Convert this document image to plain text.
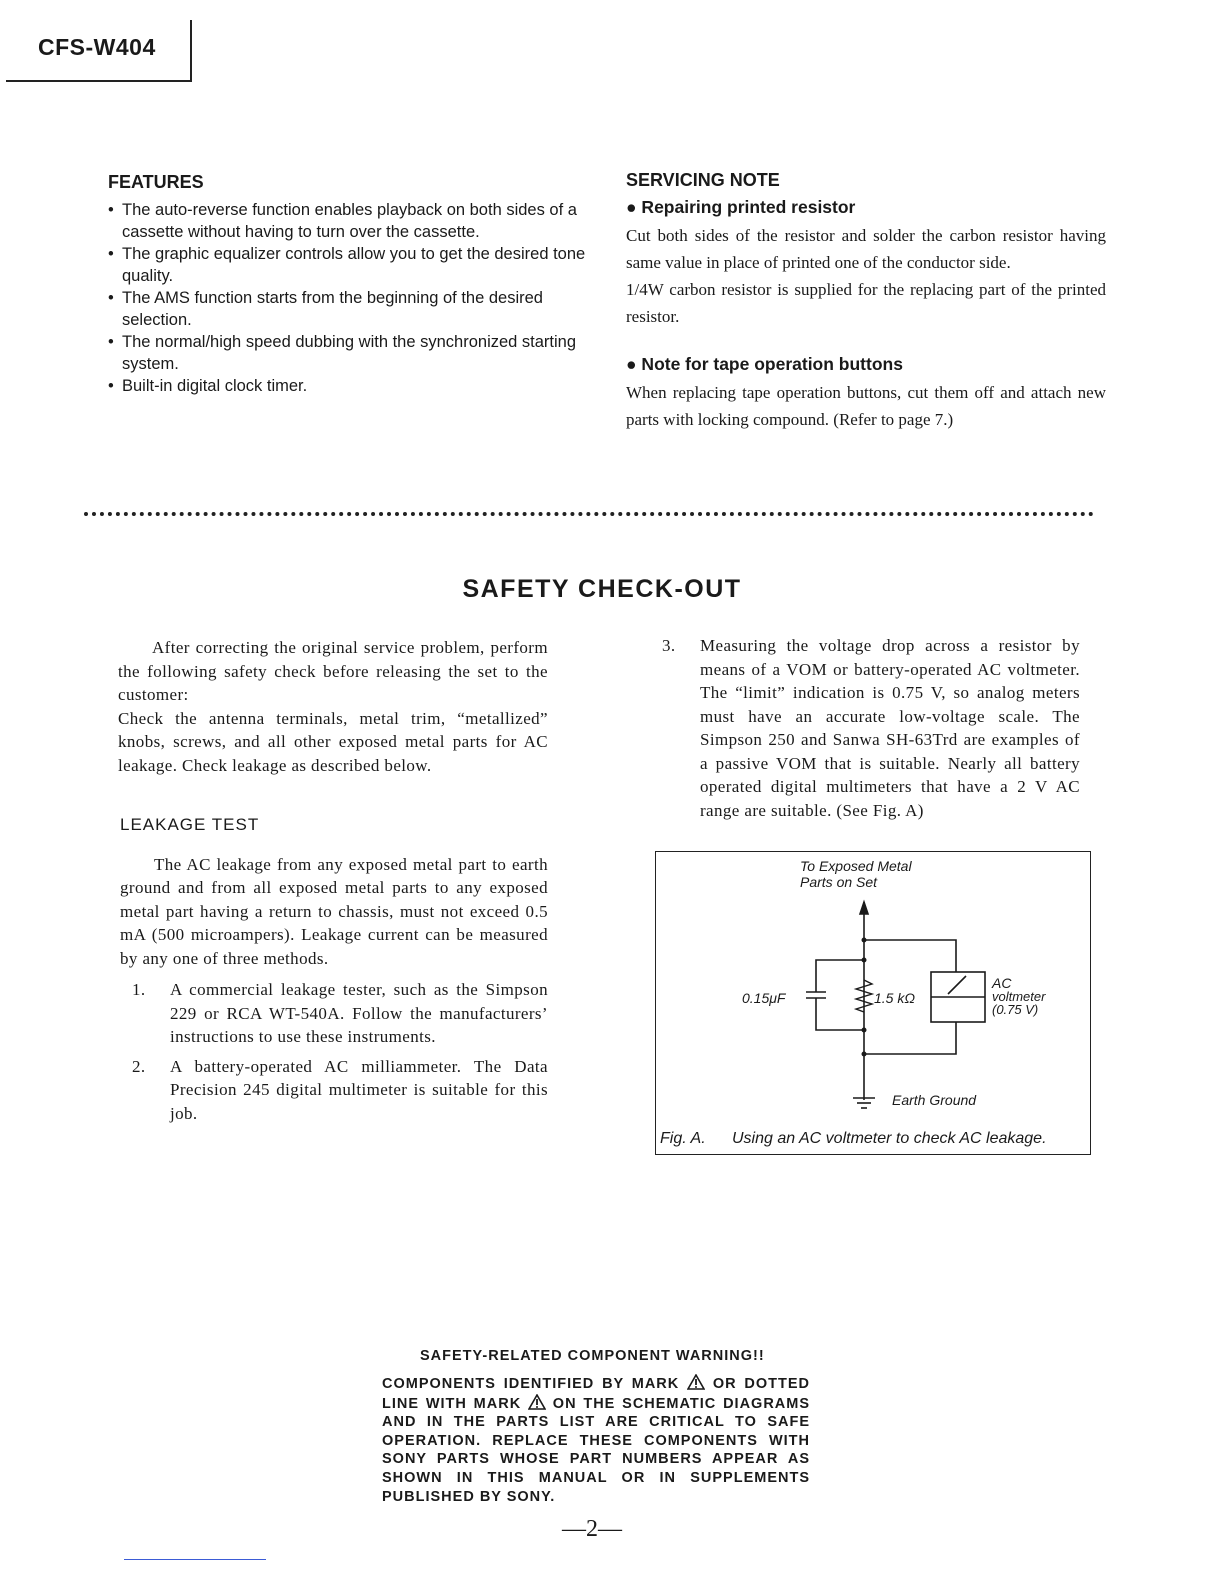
CFS-W404
FEATURES
• The auto-reverse function enables playback on both sides of a cassette without having to turn over the cassette.
• The graphic equalizer controls allow you to get the desired tone quality.
• The AMS function starts from the beginning of the desired selection.
• The normal/high speed dubbing with the synchronized starting system.
• Built-in digital clock timer.
SERVICING NOTE
● Repairing printed resistor

Cut both sides of the resistor and solder the carbon resistor having same value in place of printed one of the conductor side.

1/4W carbon resistor is supplied for the replacing part of the printed resistor.

● Note for tape operation buttons

When replacing tape operation buttons, cut them off and attach new parts with locking compound. (Refer to page 7.)

SAFETY CHECK-OUT

After correcting the original service problem, perform the following safety check before releasing the set to the customer:

Check the antenna terminals, metal trim, “metallized” knobs, screws, and all other exposed metal parts for AC leakage. Check leakage as described below.

LEAKAGE TEST

The AC leakage from any exposed metal part to earth ground and from all exposed metal parts to any exposed metal part having a return to chassis, must not exceed 0.5 mA (500 microampers). Leakage current can be measured by any one of three methods.

1. A commercial leakage tester, such as the Simpson 229 or RCA WT-540A. Follow the manufacturers’ instructions to use these instruments.
2. A battery-operated AC milliammeter. The Data Precision 245 digital multimeter is suitable for this job.
3. Measuring the voltage drop across a resistor by means of a VOM or battery-operated AC voltmeter. The “limit” indication is 0.75 V, so analog meters must have an accurate low-voltage scale. The Simpson 250 and Sanwa SH-63Trd are examples of a passive VOM that is suitable. Nearly all battery operated digital multimeters that have a 2 V AC range are suitable. (See Fig. A)
To Exposed Metal
Parts on Set
0.15μF	1.5 kΩ
AC
voltmeter
(0.75 V)
Earth Ground
Fig. A. Using an AC voltmeter to check AC leakage.
SAFETY-RELATED COMPONENT WARNING!!
COMPONENTS IDENTIFIED BY MARK OR DOTTED LINE WITH MARK ON THE SCHEMATIC DIAGRAMS AND IN THE PARTS LIST ARE CRITICAL TO SAFE OPERATION. REPLACE THESE COMPONENTS WITH SONY PARTS WHOSE PART NUMBERS APPEAR AS SHOWN IN THIS MANUAL OR IN SUPPLEMENTS PUBLISHED BY SONY.
—2—
